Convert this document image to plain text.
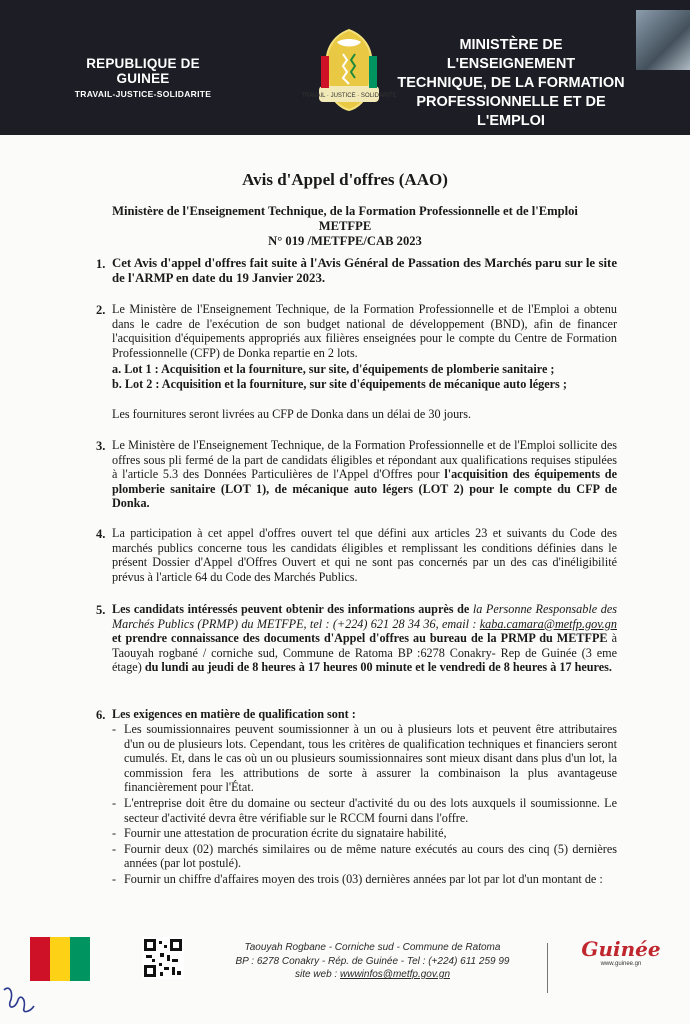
REPUBLIQUE DE GUINEE
TRAVAIL-JUSTICE-SOLIDARITE	TRAVAIL · JUSTICE · SOLIDARITE
MINISTÈRE DE L'ENSEIGNEMENT
TECHNIQUE, DE LA FORMATION
PROFESSIONNELLE ET DE L'EMPLOI
Avis d'Appel d'offres (AAO)
Ministère de l'Enseignement Technique, de la Formation Professionnelle et de l'Emploi
METFPE
N° 019 /METFPE/CAB 2023
1. Cet Avis d'appel d'offres fait suite à l'Avis Général de Passation des Marchés paru sur le site de l'ARMP en date du 19 Janvier 2023.
2. Le Ministère de l'Enseignement Technique, de la Formation Professionnelle et de l'Emploi a obtenu dans le cadre de l'exécution de son budget national de développement (BND), afin de financer l'acquisition d'équipements appropriés aux filières enseignées pour le compte du Centre de Formation Professionnelle (CFP) de Donka repartie en 2 lots.
a. Lot 1 : Acquisition et la fourniture, sur site, d'équipements de plomberie sanitaire ;
b. Lot 2 : Acquisition et la fourniture, sur site d'équipements de mécanique auto légers ;
Les fournitures seront livrées au CFP de Donka dans un délai de 30 jours.
3. Le Ministère de l'Enseignement Technique, de la Formation Professionnelle et de l'Emploi sollicite des offres sous pli fermé de la part de candidats éligibles et répondant aux qualifications requises stipulées à l'article 5.3 des Données Particulières de l'Appel d'Offres pour l'acquisition des équipements de plomberie sanitaire (LOT 1), de mécanique auto légers (LOT 2) pour le compte du CFP de Donka.
4. La participation à cet appel d'offres ouvert tel que défini aux articles 23 et suivants du Code des marchés publics concerne tous les candidats éligibles et remplissant les conditions définies dans le présent Dossier d'Appel d'Offres Ouvert et qui ne sont pas concernés par un des cas d'inéligibilité prévus à l'article 64 du Code des Marchés Publics.
5. Les candidats intéressés peuvent obtenir des informations auprès de la Personne Responsable des Marchés Publics (PRMP) du METFPE, tel : (+224) 621 28 34 36, email : kaba.camara@metfp.gov.gn et prendre connaissance des documents d'Appel d'offres au bureau de la PRMP du METFPE à Taouyah rogbané / corniche sud, Commune de Ratoma BP :6278 Conakry- Rep de Guinée (3 eme étage) du lundi au jeudi de 8 heures à 17 heures 00 minute et le vendredi de 8 heures à 17 heures.
6. Les exigences en matière de qualification sont :
- Les soumissionnaires peuvent soumissionner à un ou à plusieurs lots et peuvent être attributaires d'un ou de plusieurs lots. Cependant, tous les critères de qualification techniques et financiers seront cumulés. Et, dans le cas où un ou plusieurs soumissionnaires sont mieux disant dans plus d'un lot, la commission fera les attributions de sorte à assurer la combinaison la plus avantageuse financièrement pour l'État.
- L'entreprise doit être du domaine ou secteur d'activité du ou des lots auxquels il soumissionne. Le secteur d'activité devra être vérifiable sur le RCCM fourni dans l'offre.
- Fournir une attestation de procuration écrite du signataire habilité,
- Fournir deux (02) marchés similaires ou de même nature exécutés au cours des cinq (5) dernières années (par lot postulé).
- Fournir un chiffre d'affaires moyen des trois (03) dernières années par lot par lot d'un montant de :
Taouyah Rogbane - Corniche sud - Commune de Ratoma
BP : 6278 Conakry - Rép. de Guinée - Tel : (+224) 611 259 99
site web : wwwinfos@metfp.gov.gn
Guinée
www.guinee.gn
